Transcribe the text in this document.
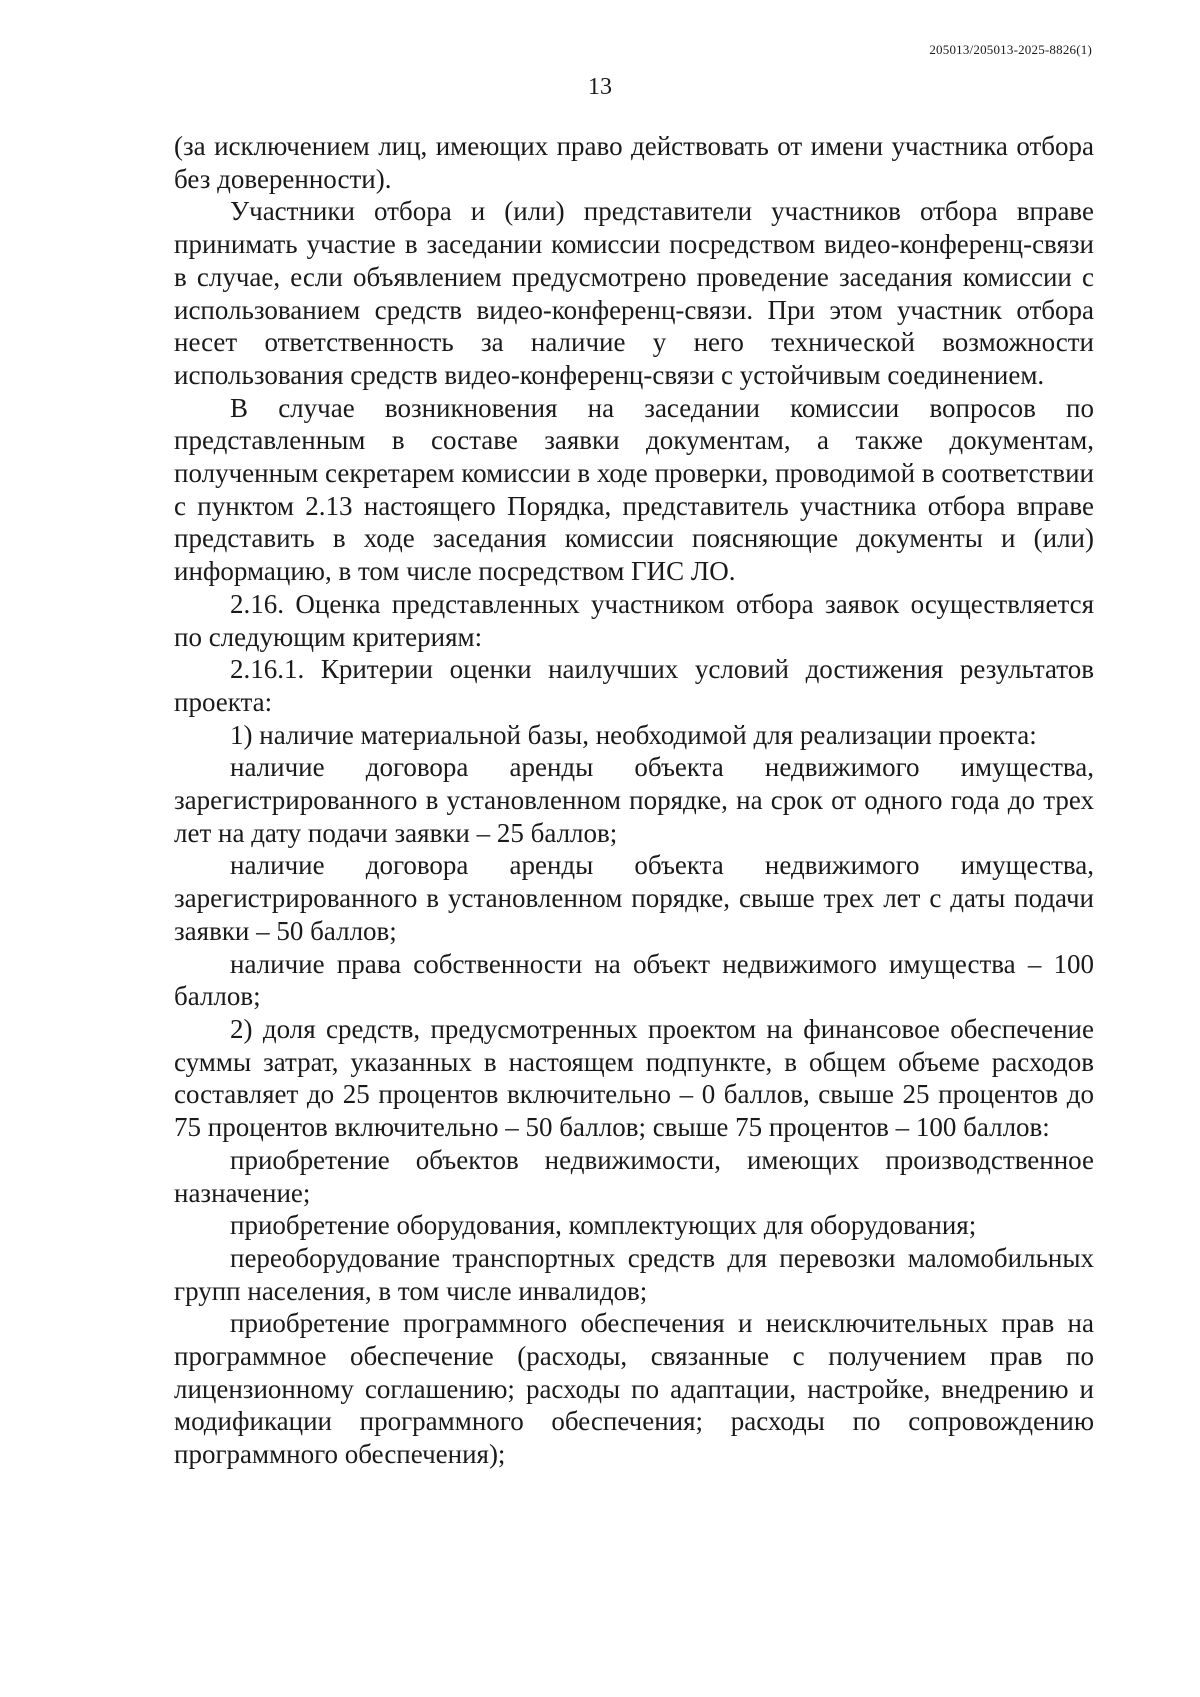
205013/205013-2025-8826(1)
13

(за исключением лиц, имеющих право действовать от имени участника отбора без доверенности).

Участники отбора и (или) представители участников отбора вправе принимать участие в заседании комиссии посредством видео-конференц-связи в случае, если объявлением предусмотрено проведение заседания комиссии с использованием средств видео-конференц-связи. При этом участник отбора несет ответственность за наличие у него технической возможности использования средств видео-конференц-связи с устойчивым соединением.

В случае возникновения на заседании комиссии вопросов по представленным в составе заявки документам, а также документам, полученным секретарем комиссии в ходе проверки, проводимой в соответствии с пунктом 2.13 настоящего Порядка, представитель участника отбора вправе представить в ходе заседания комиссии поясняющие документы и (или) информацию, в том числе посредством ГИС ЛО.

2.16. Оценка представленных участником отбора заявок осуществляется по следующим критериям:

2.16.1. Критерии оценки наилучших условий достижения результатов проекта:

1) наличие материальной базы, необходимой для реализации проекта:

наличие договора аренды объекта недвижимого имущества, зарегистрированного в установленном порядке, на срок от одного года до трех лет на дату подачи заявки – 25 баллов;

наличие договора аренды объекта недвижимого имущества, зарегистрированного в установленном порядке, свыше трех лет с даты подачи заявки – 50 баллов;

наличие права собственности на объект недвижимого имущества – 100 баллов;

2) доля средств, предусмотренных проектом на финансовое обеспечение суммы затрат, указанных в настоящем подпункте, в общем объеме расходов составляет до 25 процентов включительно – 0 баллов, свыше 25 процентов до 75 процентов включительно – 50 баллов; свыше 75 процентов – 100 баллов:

приобретение объектов недвижимости, имеющих производственное назначение;

приобретение оборудования, комплектующих для оборудования;

переоборудование транспортных средств для перевозки маломобильных групп населения, в том числе инвалидов;

приобретение программного обеспечения и неисключительных прав на программное обеспечение (расходы, связанные с получением прав по лицензионному соглашению; расходы по адаптации, настройке, внедрению и модификации программного обеспечения; расходы по сопровождению программного обеспечения);
